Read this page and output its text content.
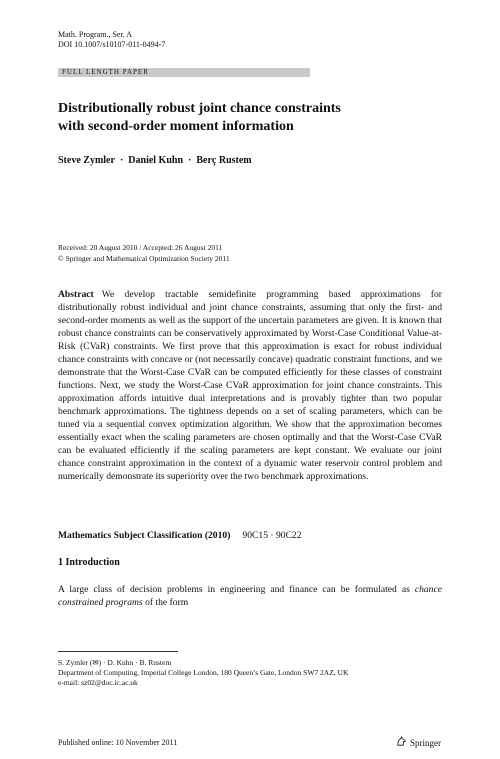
Math. Program., Ser. A
DOI 10.1007/s10107-011-0494-7
FULL LENGTH PAPER
Distributionally robust joint chance constraints
with second-order moment information
Steve Zymler · Daniel Kuhn · Berç Rustem
Received: 20 August 2010 / Accepted: 26 August 2011
© Springer and Mathematical Optimization Society 2011
Abstract We develop tractable semidefinite programming based approximations for distributionally robust individual and joint chance constraints, assuming that only the first- and second-order moments as well as the support of the uncertain parameters are given. It is known that robust chance constraints can be conservatively approximated by Worst-Case Conditional Value-at-Risk (CVaR) constraints. We first prove that this approximation is exact for robust individual chance constraints with concave or (not necessarily concave) quadratic constraint functions, and we demonstrate that the Worst-Case CVaR can be computed efficiently for these classes of constraint functions. Next, we study the Worst-Case CVaR approximation for joint chance constraints. This approximation affords intuitive dual interpretations and is provably tighter than two popular benchmark approximations. The tightness depends on a set of scaling parameters, which can be tuned via a sequential convex optimization algorithm. We show that the approximation becomes essentially exact when the scaling parameters are chosen optimally and that the Worst-Case CVaR can be evaluated efficiently if the scaling parameters are kept constant. We evaluate our joint chance constraint approximation in the context of a dynamic water reservoir control problem and numerically demonstrate its superiority over the two benchmark approximations.
Mathematics Subject Classification (2010) 90C15 · 90C22
1 Introduction
A large class of decision problems in engineering and finance can be formulated as chance constrained programs of the form
S. Zymler (✉) · D. Kuhn · B. Rustem
Department of Computing, Imperial College London, 180 Queen’s Gate, London SW7 2AZ, UK
e-mail: sz02@doc.ic.ac.uk
Published online: 10 November 2011	Springer
